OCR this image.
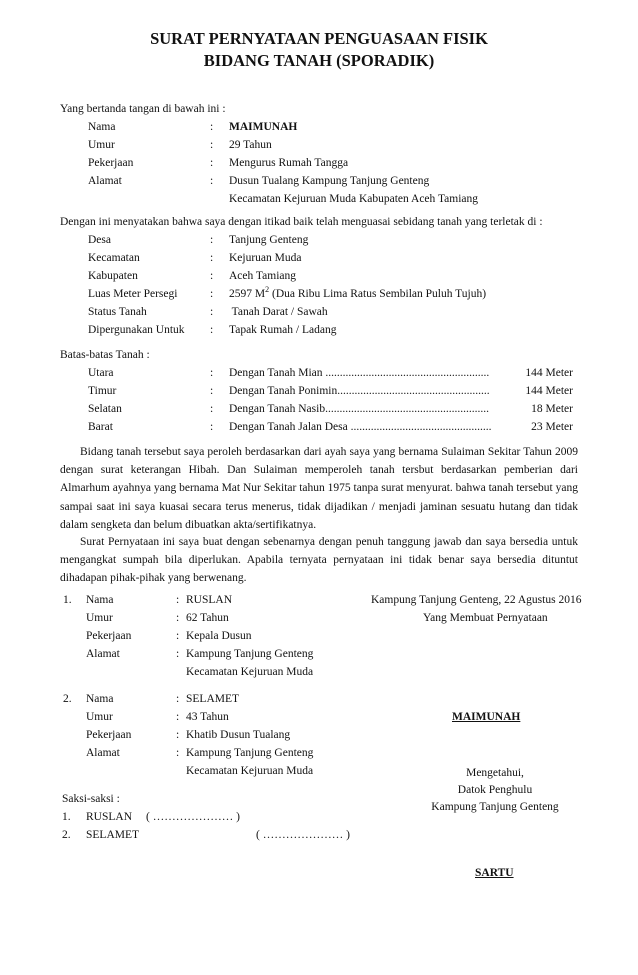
SURAT PERNYATAAN PENGUASAAN FISIK
BIDANG TANAH (SPORADIK)
Yang bertanda tangan di bawah ini :
Nama	: MAIMUNAH
Umur	: 29 Tahun
Pekerjaan	: Mengurus Rumah Tangga
Alamat	: Dusun Tualang Kampung Tanjung Genteng
Kecamatan Kejuruan Muda Kabupaten Aceh Tamiang
Dengan ini menyatakan bahwa saya dengan itikad baik telah menguasai sebidang tanah yang terletak di :
Desa	: Tanjung Genteng
Kecamatan	: Kejuruan Muda
Kabupaten	: Aceh Tamiang
Luas Meter Persegi	: 2597 $M^2$ (Dua Ribu Lima Ratus Sembilan Puluh Tujuh)
Status Tanah	: Tanah Darat / Sawah
Dipergunakan Untuk : Tapak Rumah / Ladang
Batas-batas Tanah :
Utara	: Dengan Tanah Mian .........................................................	144 Meter
Timur	: Dengan Tanah Ponimin.....................................................	144 Meter
Selatan	: Dengan Tanah Nasib.........................................................	18 Meter
Barat	: Dengan Tanah Jalan Desa .................................................	23 Meter
Bidang tanah tersebut saya peroleh berdasarkan dari ayah saya yang bernama Sulaiman Sekitar Tahun 2009 dengan surat keterangan Hibah. Dan Sulaiman memperoleh tanah tersbut berdasarkan pemberian dari Almarhum ayahnya yang bernama Mat Nur Sekitar tahun 1975 tanpa surat menyurat. bahwa tanah tersebut yang sampai saat ini saya kuasai secara terus menerus, tidak dijadikan / menjadi jaminan sesuatu hutang dan tidak dalam sengketa dan belum dibuatkan akta/sertifikatnya.
Surat Pernyataan ini saya buat dengan sebenarnya dengan penuh tanggung jawab dan saya bersedia untuk mengangkat sumpah bila diperlukan. Apabila ternyata pernyataan ini tidak benar saya bersedia dituntut dihadapan pihak-pihak yang berwenang.
1. Nama	: RUSLAN
Umur	: 62 Tahun
Pekerjaan	: Kepala Dusun
Alamat	: Kampung Tanjung Genteng
Kecamatan Kejuruan Muda
2. Nama	: SELAMET
Umur	: 43 Tahun
Pekerjaan	: Khatib Dusun Tualang
Alamat	: Kampung Tanjung Genteng
Kecamatan Kejuruan Muda
Kampung Tanjung Genteng, 22 Agustus 2016
Yang Membuat Pernyataan
MAIMUNAH
Mengetahui,
Datok Penghulu
Kampung Tanjung Genteng
SARTU
Saksi-saksi :
1. RUSLAN ( ………………… )
2. SELAMET	( ………………… )
